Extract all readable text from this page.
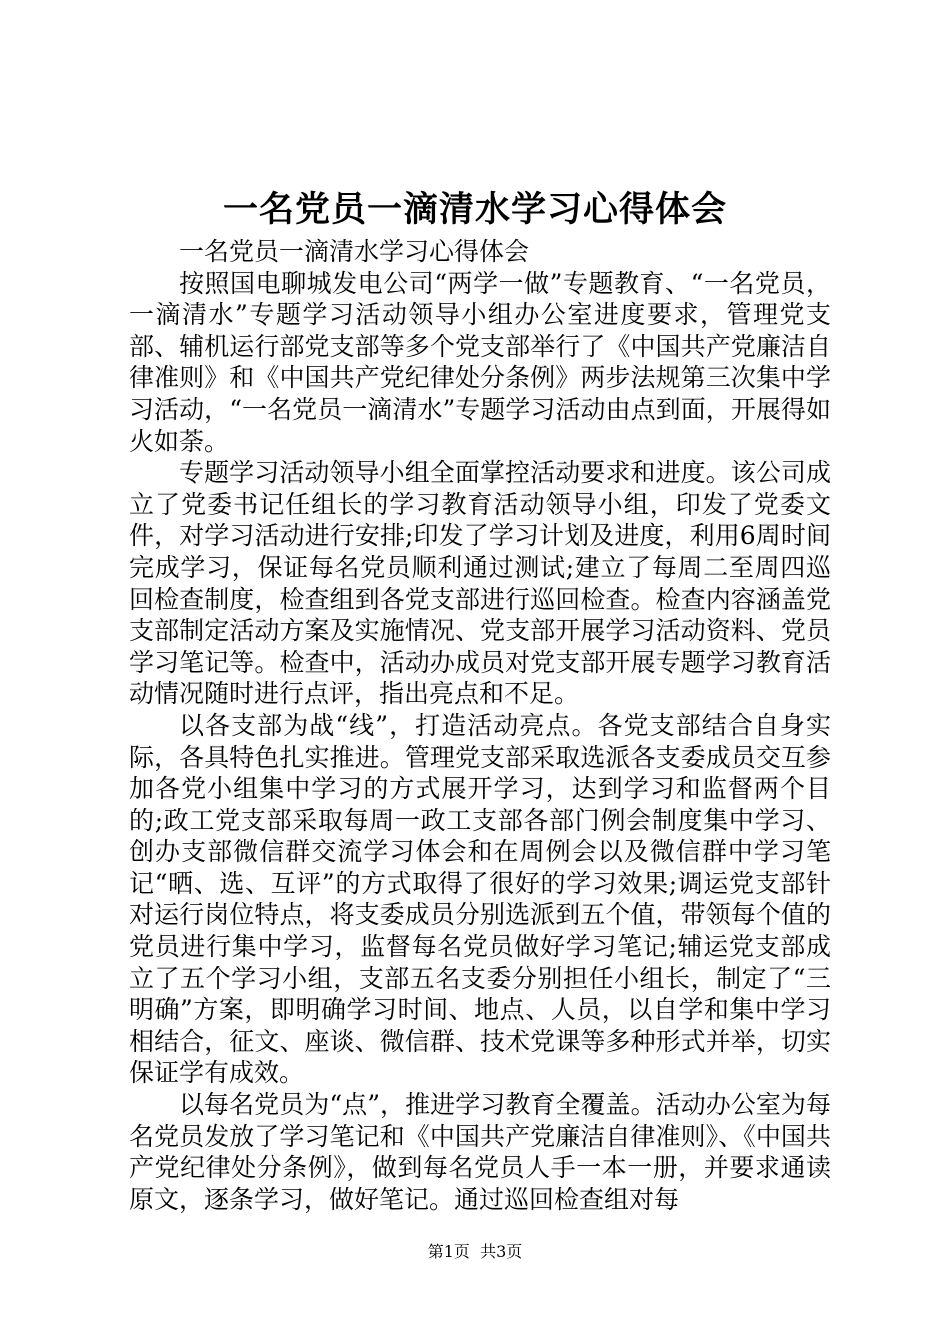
一名党员一滴清水学习心得体会

一名党员一滴清水学习心得体会

按照国电聊城发电公司“两学一做”专题教育、“一名党员，一滴清水”专题学习活动领导小组办公室进度要求，管理党支部、辅机运行部党支部等多个党支部举行了《中国共产党廉洁自律准则》和《中国共产党纪律处分条例》两步法规第三次集中学习活动，“一名党员一滴清水”专题学习活动由点到面，开展得如火如荼。

专题学习活动领导小组全面掌控活动要求和进度。该公司成立了党委书记任组长的学习教育活动领导小组，印发了党委文件，对学习活动进行安排;印发了学习计划及进度，利用6周时间完成学习，保证每名党员顺利通过测试;建立了每周二至周四巡回检查制度，检查组到各党支部进行巡回检查。检查内容涵盖党支部制定活动方案及实施情况、党支部开展学习活动资料、党员学习笔记等。检查中，活动办成员对党支部开展专题学习教育活动情况随时进行点评，指出亮点和不足。

以各支部为战“线”，打造活动亮点。各党支部结合自身实际，各具特色扎实推进。管理党支部采取选派各支委成员交互参加各党小组集中学习的方式展开学习，达到学习和监督两个目的;政工党支部采取每周一政工支部各部门例会制度集中学习、创办支部微信群交流学习体会和在周例会以及微信群中学习笔记“晒、选、互评”的方式取得了很好的学习效果;调运党支部针对运行岗位特点，将支委成员分别选派到五个值，带领每个值的党员进行集中学习，监督每名党员做好学习笔记;辅运党支部成立了五个学习小组，支部五名支委分别担任小组长，制定了“三明确”方案，即明确学习时间、地点、人员，以自学和集中学习相结合，征文、座谈、微信群、技术党课等多种形式并举，切实保证学有成效。

以每名党员为“点”，推进学习教育全覆盖。活动办公室为每名党员发放了学习笔记和《中国共产党廉洁自律准则》、《中国共产党纪律处分条例》，做到每名党员人手一本一册，并要求通读原文，逐条学习，做好笔记。通过巡回检查组对每

第1页 共3页
